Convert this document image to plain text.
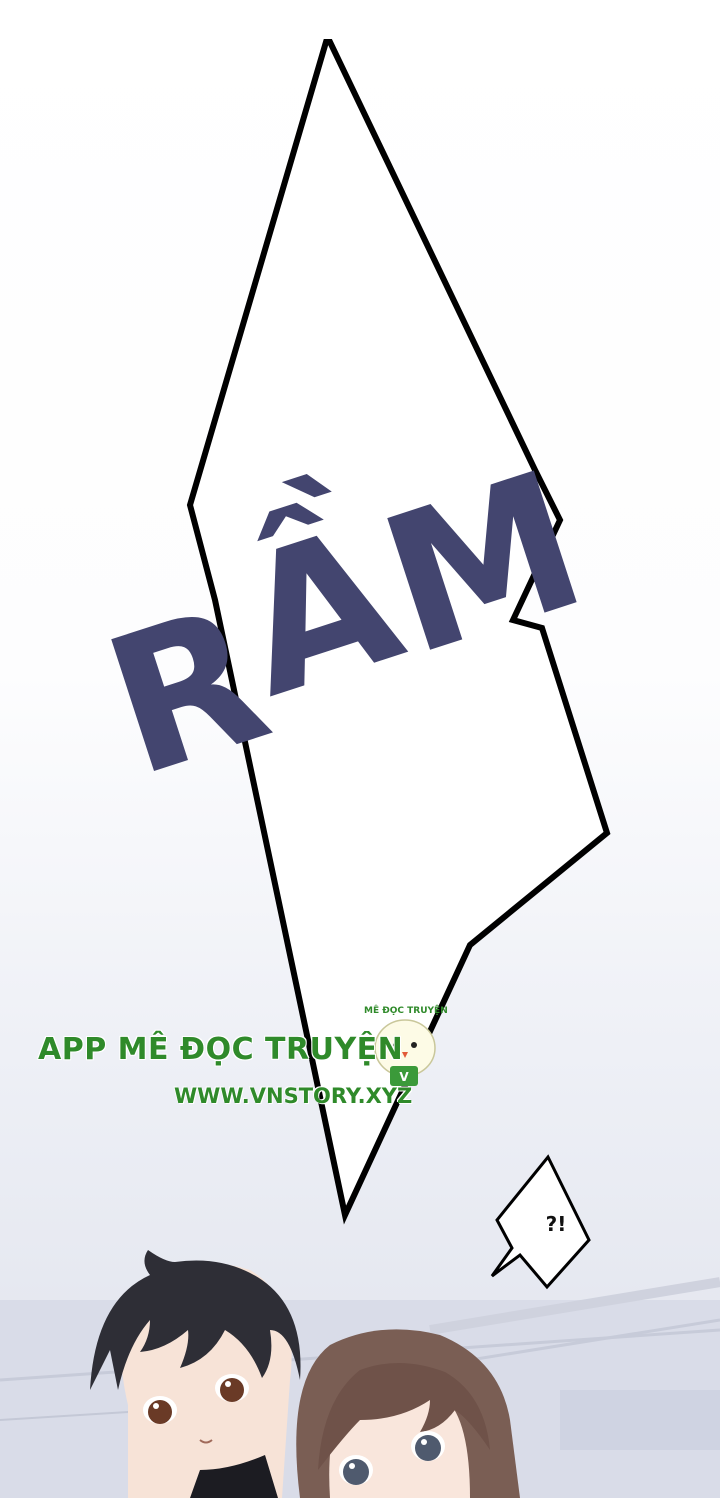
V
R
Ầ
M
?!
MÊ ĐỌC TRUYỆN
APP MÊ ĐỌC TRUYỆN
WWW.VNSTORY.XYZ
